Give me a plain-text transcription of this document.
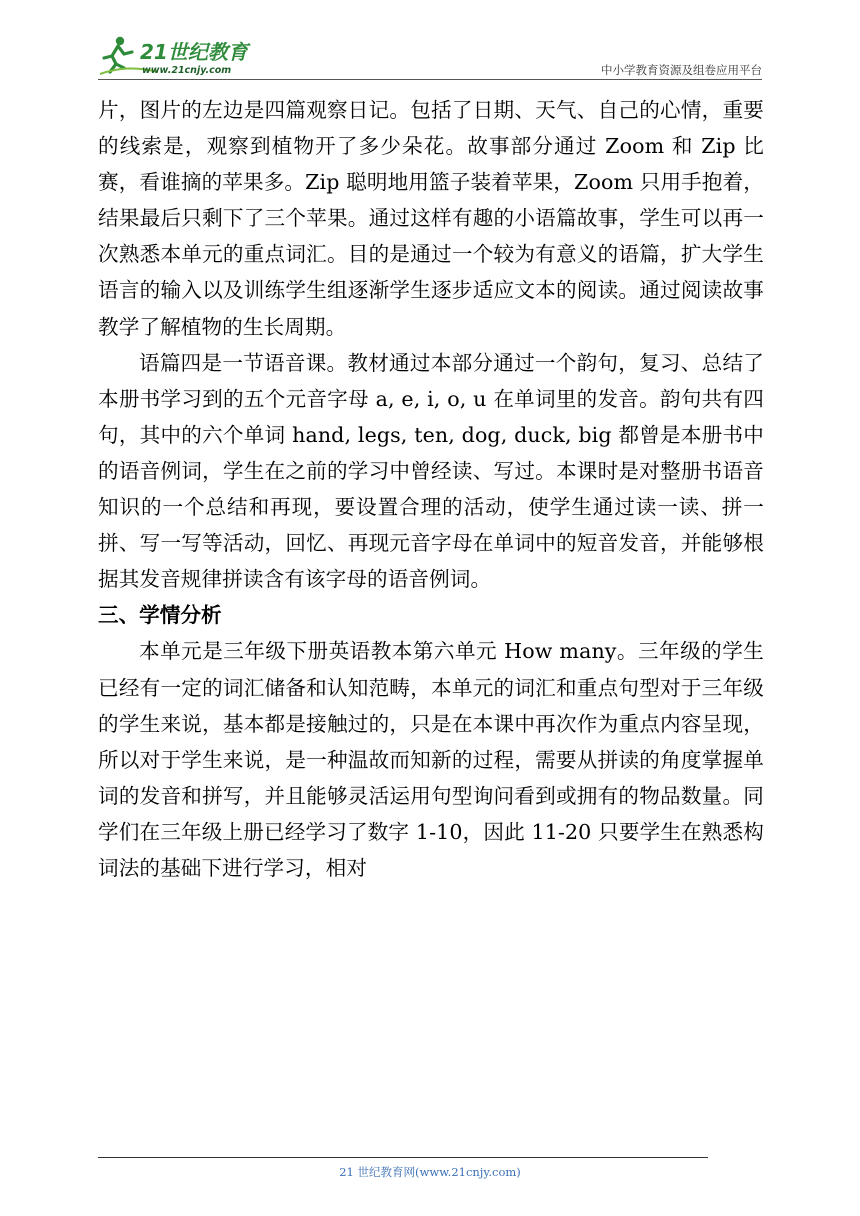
21世纪教育
www.21cnjy.com	中小学教育资源及组卷应用平台

片，图片的左边是四篇观察日记。包括了日期、天气、自己的心情，重要的线索是，观察到植物开了多少朵花。故事部分通过 Zoom 和 Zip 比赛，看谁摘的苹果多。Zip 聪明地用篮子装着苹果，Zoom 只用手抱着，结果最后只剩下了三个苹果。通过这样有趣的小语篇故事，学生可以再一次熟悉本单元的重点词汇。目的是通过一个较为有意义的语篇，扩大学生语言的输入以及训练学生组逐渐学生逐步适应文本的阅读。通过阅读故事教学了解植物的生长周期。

语篇四是一节语音课。教材通过本部分通过一个韵句，复习、总结了本册书学习到的五个元音字母 a, e, i, o, u 在单词里的发音。韵句共有四句，其中的六个单词 hand, legs, ten, dog, duck, big 都曾是本册书中的语音例词，学生在之前的学习中曾经读、写过。本课时是对整册书语音知识的一个总结和再现，要设置合理的活动，使学生通过读一读、拼一拼、写一写等活动，回忆、再现元音字母在单词中的短音发音，并能够根据其发音规律拼读含有该字母的语音例词。

三、学情分析

本单元是三年级下册英语教本第六单元 How many。三年级的学生已经有一定的词汇储备和认知范畴，本单元的词汇和重点句型对于三年级的学生来说，基本都是接触过的，只是在本课中再次作为重点内容呈现，所以对于学生来说，是一种温故而知新的过程，需要从拼读的角度掌握单词的发音和拼写，并且能够灵活运用句型询问看到或拥有的物品数量。同学们在三年级上册已经学习了数字 1-10，因此 11-20 只要学生在熟悉构词法的基础下进行学习，相对

21 世纪教育网(www.21cnjy.com)
